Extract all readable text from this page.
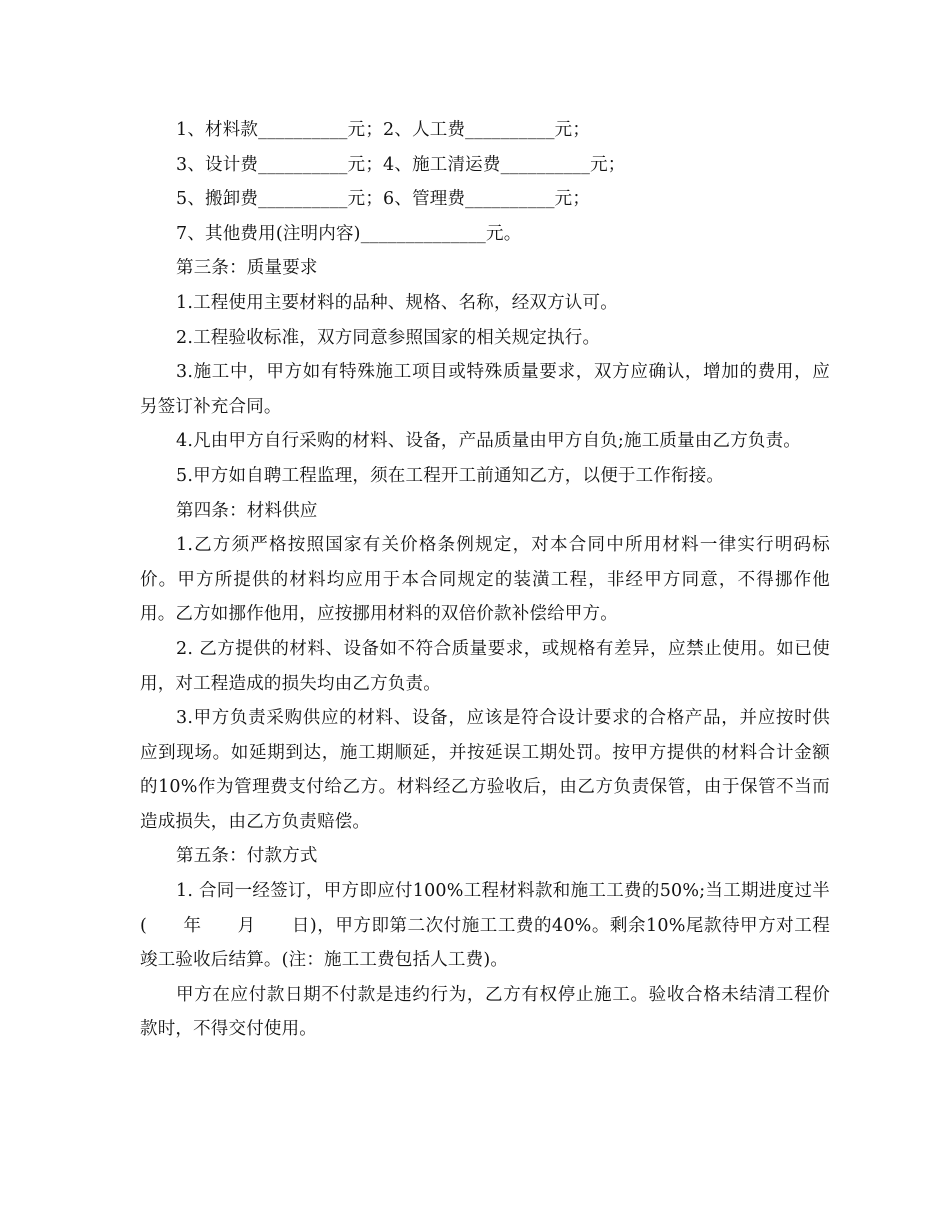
1、材料款__________元；2、人工费__________元；

3、设计费__________元；4、施工清运费__________元；

5、搬卸费__________元；6、管理费__________元；

7、其他费用(注明内容)______________元。

第三条：质量要求

1.工程使用主要材料的品种、规格、名称，经双方认可。

2.工程验收标准，双方同意参照国家的相关规定执行。

3.施工中，甲方如有特殊施工项目或特殊质量要求，双方应确认，增加的费用，应另签订补充合同。

4.凡由甲方自行采购的材料、设备，产品质量由甲方自负;施工质量由乙方负责。

5.甲方如自聘工程监理，须在工程开工前通知乙方，以便于工作衔接。

第四条：材料供应

1.乙方须严格按照国家有关价格条例规定，对本合同中所用材料一律实行明码标价。甲方所提供的材料均应用于本合同规定的装潢工程，非经甲方同意，不得挪作他用。乙方如挪作他用，应按挪用材料的双倍价款补偿给甲方。

2. 乙方提供的材料、设备如不符合质量要求，或规格有差异，应禁止使用。如已使用，对工程造成的损失均由乙方负责。

3.甲方负责采购供应的材料、设备，应该是符合设计要求的合格产品，并应按时供应到现场。如延期到达，施工期顺延，并按延误工期处罚。按甲方提供的材料合计金额的10%作为管理费支付给乙方。材料经乙方验收后，由乙方负责保管，由于保管不当而造成损失，由乙方负责赔偿。

第五条：付款方式

1. 合同一经签订，甲方即应付100%工程材料款和施工工费的50%;当工期进度过半(　　年　　月　　日)，甲方即第二次付施工工费的40%。剩余10%尾款待甲方对工程竣工验收后结算。(注：施工工费包括人工费)。

甲方在应付款日期不付款是违约行为，乙方有权停止施工。验收合格未结清工程价款时，不得交付使用。
